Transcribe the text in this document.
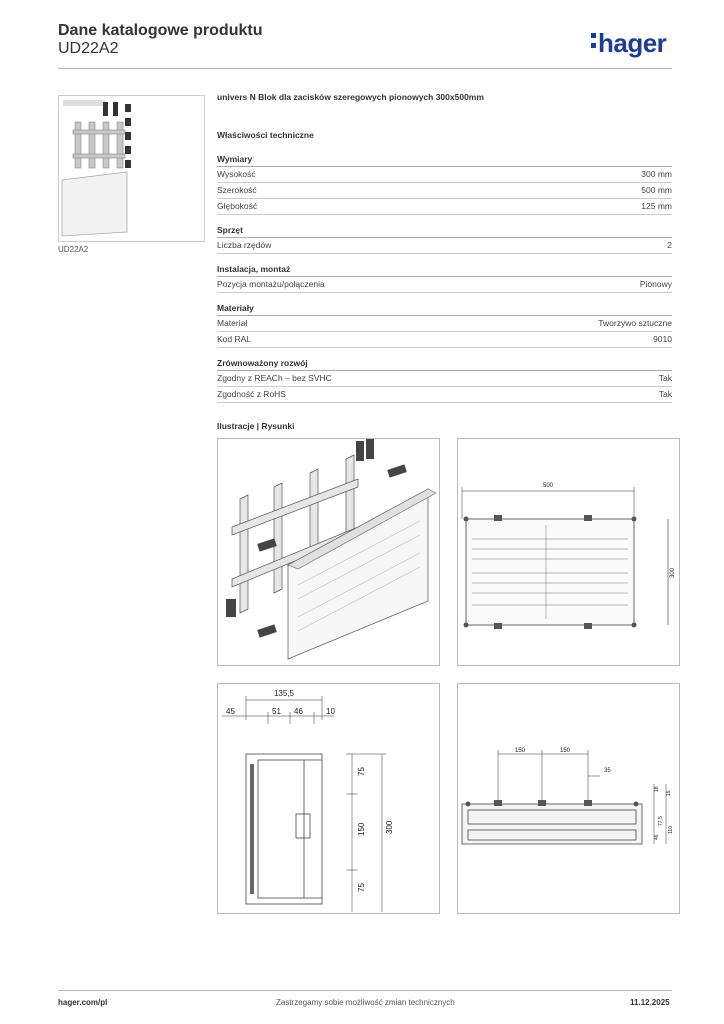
Dane katalogowe produktu
UD22A2	hager
UD22A2
univers N Blok dla zacisków szeregowych pionowych 300x500mm
Właściwości techniczne
Wymiary
Wysokość	300 mm
Szerokość	500 mm
Głębokość	125 mm
Sprzęt
Liczba rzędów	2
Instalacja, montaż
Pozycja montażu/połączenia	Pionowy
Materiały
Materiał	Tworzywo sztuczne
Kod RAL	9010
Zrównoważony rozwój
Zgodny z REACh – bez SVHC	Tak
Zgodność z RoHS	Tak
Ilustracje | Rysunki
500
300
135,5
45	51 46	10
75
150
75
300
150	150
35
18
15
46
77,5
110
hager.com/pl	Zastrzegamy sobie możliwość zmian technicznych	11.12.2025
